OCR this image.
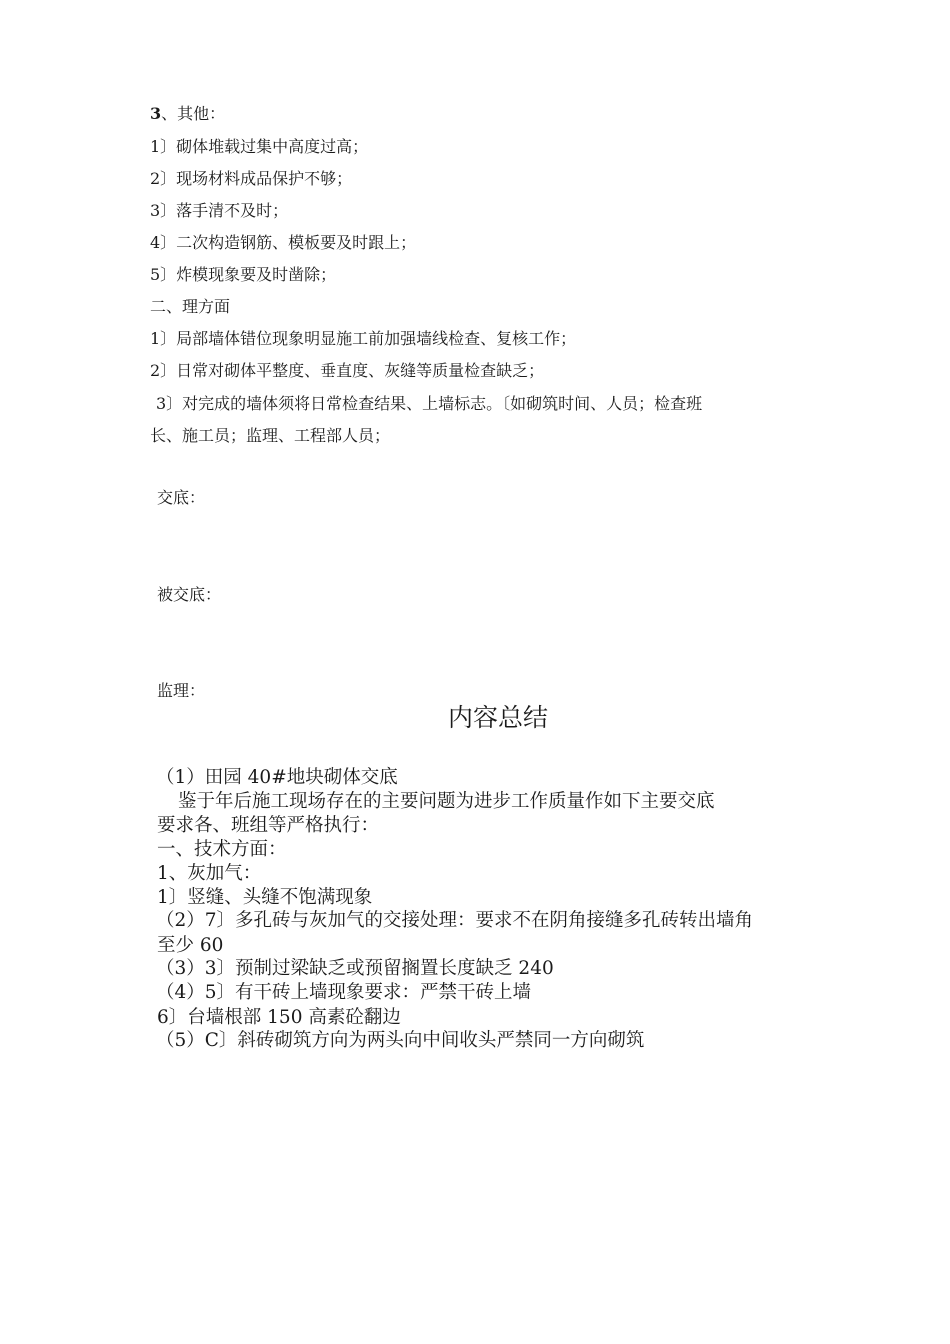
3、其他：
1〕砌体堆载过集中高度过高；
2〕现场材料成品保护不够；
3〕落手清不及时；
4〕二次构造钢筋、模板要及时跟上；
5〕炸模现象要及时凿除；
二、理方面
1〕局部墙体错位现象明显施工前加强墙线检查、复核工作；
2〕日常对砌体平整度、垂直度、灰缝等质量检查缺乏；
3〕对完成的墙体须将日常检查结果、上墙标志。〔如砌筑时间、人员；检查班
长、施工员；监理、工程部人员；
交底：
被交底：
监理：
内容总结
（1）田园 40#地块砌体交底
鉴于年后施工现场存在的主要问题为进步工作质量作如下主要交底
要求各、班组等严格执行：
一、技术方面：
1、灰加气：
1〕竖缝、头缝不饱满现象
（2）7〕多孔砖与灰加气的交接处理：要求不在阴角接缝多孔砖转出墙角
至少 60
（3）3〕预制过梁缺乏或预留搁置长度缺乏 240
（4）5〕有干砖上墙现象要求：严禁干砖上墙
6〕台墙根部 150 高素砼翻边
（5）C〕斜砖砌筑方向为两头向中间收头严禁同一方向砌筑
